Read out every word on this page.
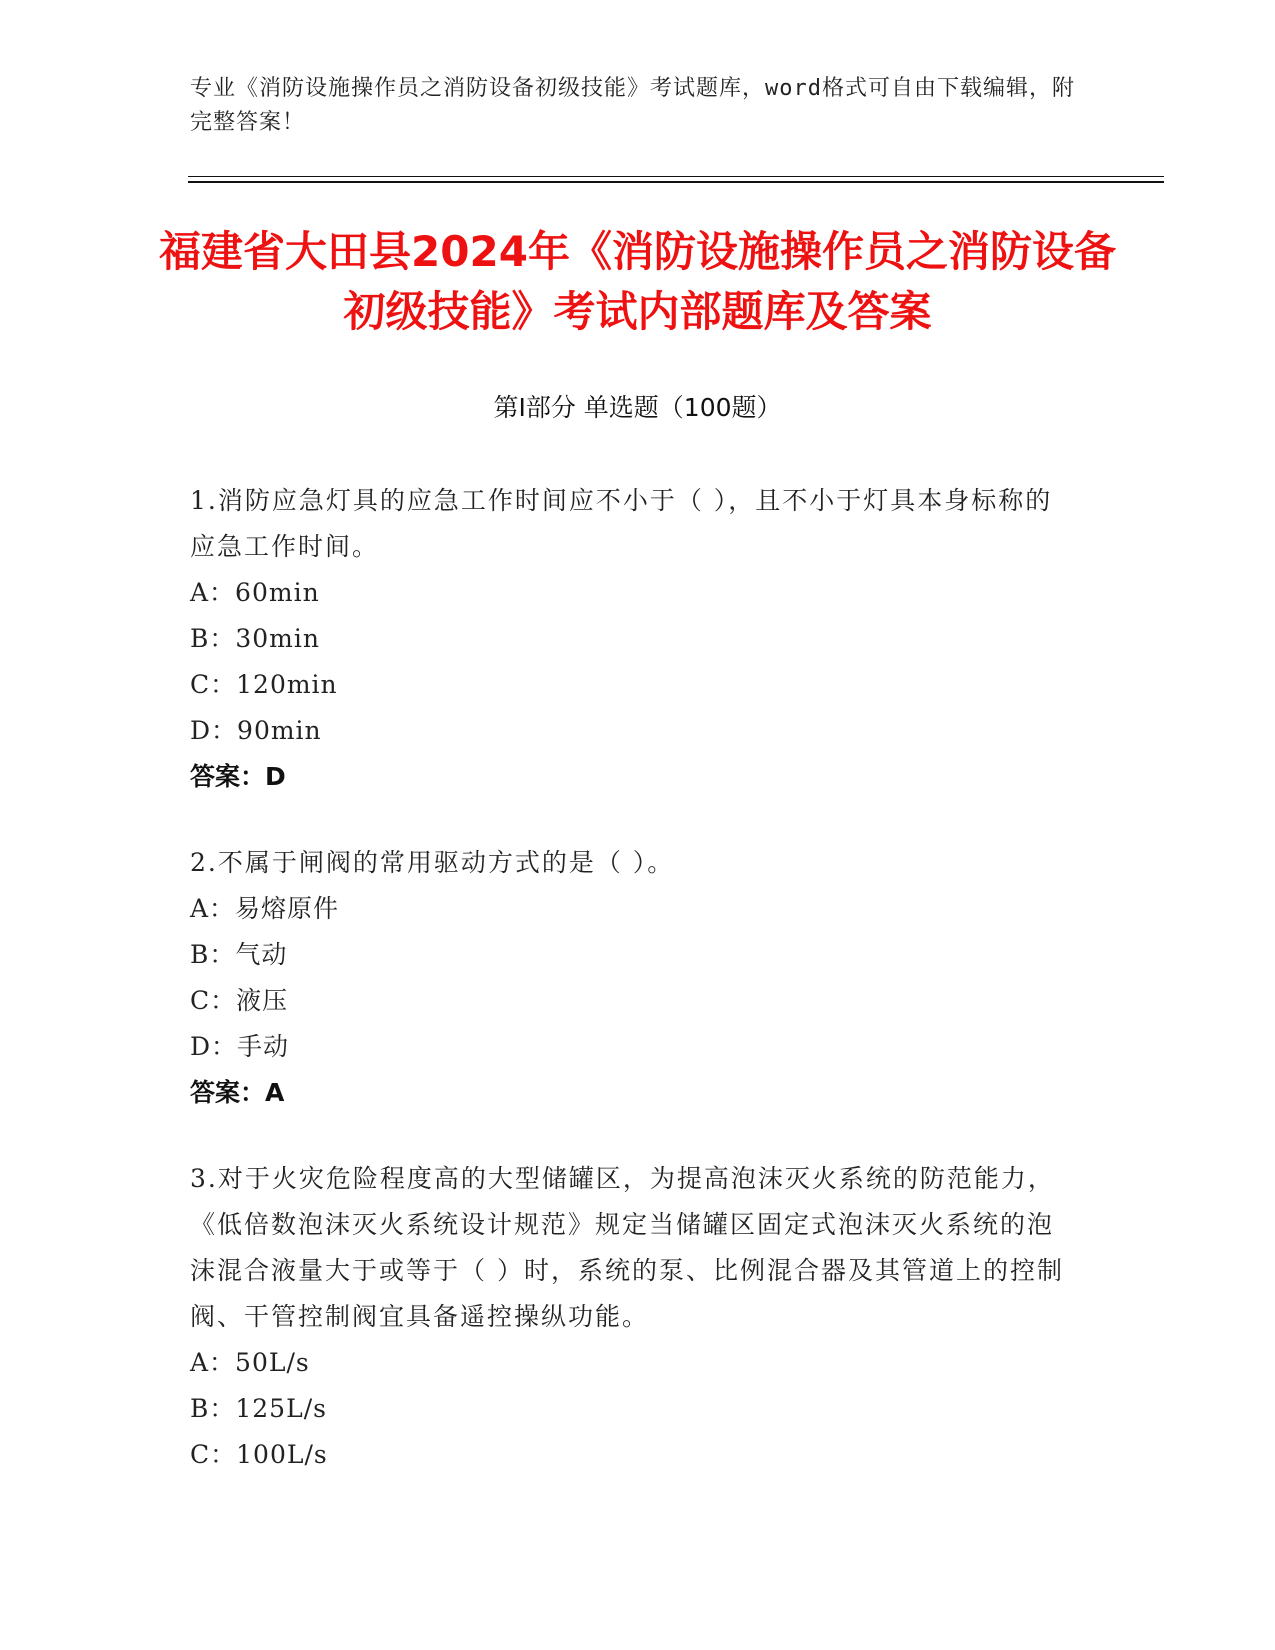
专业《消防设施操作员之消防设备初级技能》考试题库，word格式可自由下载编辑，附完整答案！
福建省大田县2024年《消防设施操作员之消防设备初级技能》考试内部题库及答案
第Ⅰ部分 单选题（100题）
1.消防应急灯具的应急工作时间应不小于（ ），且不小于灯具本身标称的应急工作时间。
A：60min
B：30min
C：120min
D：90min
答案：D
2.不属于闸阀的常用驱动方式的是（ ）。
A：易熔原件
B：气动
C：液压
D：手动
答案：A
3.对于火灾危险程度高的大型储罐区，为提高泡沫灭火系统的防范能力，《低倍数泡沫灭火系统设计规范》规定当储罐区固定式泡沫灭火系统的泡沫混合液量大于或等于（ ）时，系统的泵、比例混合器及其管道上的控制阀、干管控制阀宜具备遥控操纵功能。
A：50L/s
B：125L/s
C：100L/s
